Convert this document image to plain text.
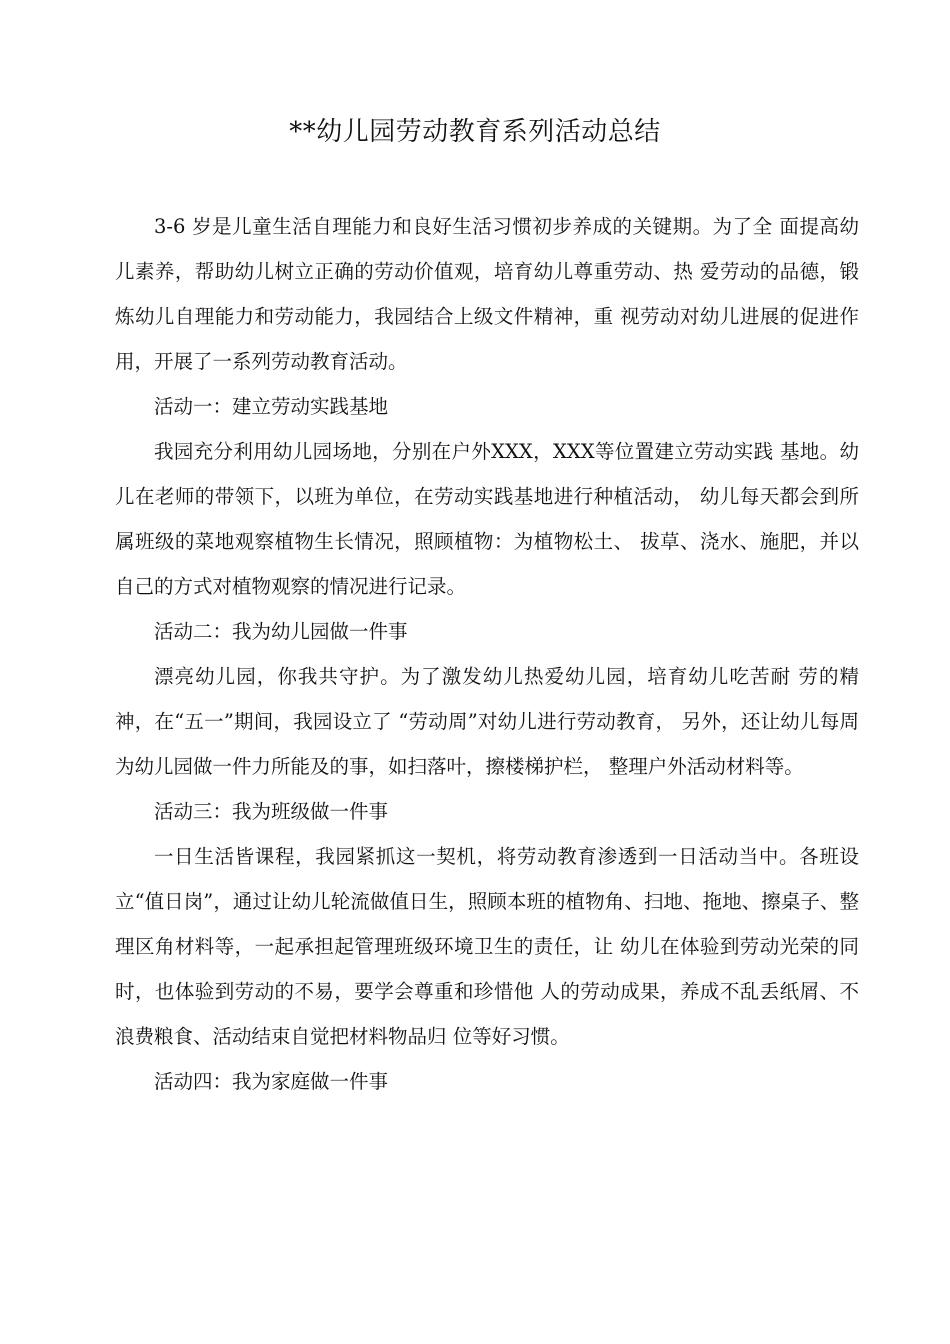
**幼儿园劳动教育系列活动总结

3-6 岁是儿童生活自理能力和良好生活习惯初步养成的关键期。为了全 面提高幼儿素养，帮助幼儿树立正确的劳动价值观，培育幼儿尊重劳动、热 爱劳动的品德，锻炼幼儿自理能力和劳动能力，我园结合上级文件精神，重 视劳动对幼儿进展的促进作用，开展了一系列劳动教育活动。

活动一：建立劳动实践基地

我园充分利用幼儿园场地，分别在户外XXX，XXX等位置建立劳动实践 基地。幼儿在老师的带领下，以班为单位，在劳动实践基地进行种植活动， 幼儿每天都会到所属班级的菜地观察植物生长情况，照顾植物：为植物松土、 拔草、浇水、施肥，并以自己的方式对植物观察的情况进行记录。

活动二：我为幼儿园做一件事

漂亮幼儿园，你我共守护。为了激发幼儿热爱幼儿园，培育幼儿吃苦耐 劳的精神，在“五一”期间，我园设立了 “劳动周”对幼儿进行劳动教育， 另外，还让幼儿每周为幼儿园做一件力所能及的事，如扫落叶，擦楼梯护栏， 整理户外活动材料等。

活动三：我为班级做一件事

一日生活皆课程，我园紧抓这一契机，将劳动教育渗透到一日活动当中。各班设立“值日岗”，通过让幼儿轮流做值日生，照顾本班的植物角、扫地、拖地、擦桌子、整理区角材料等，一起承担起管理班级环境卫生的责任，让 幼儿在体验到劳动光荣的同时，也体验到劳动的不易，要学会尊重和珍惜他 人的劳动成果，养成不乱丢纸屑、不浪费粮食、活动结束自觉把材料物品归 位等好习惯。

活动四：我为家庭做一件事
